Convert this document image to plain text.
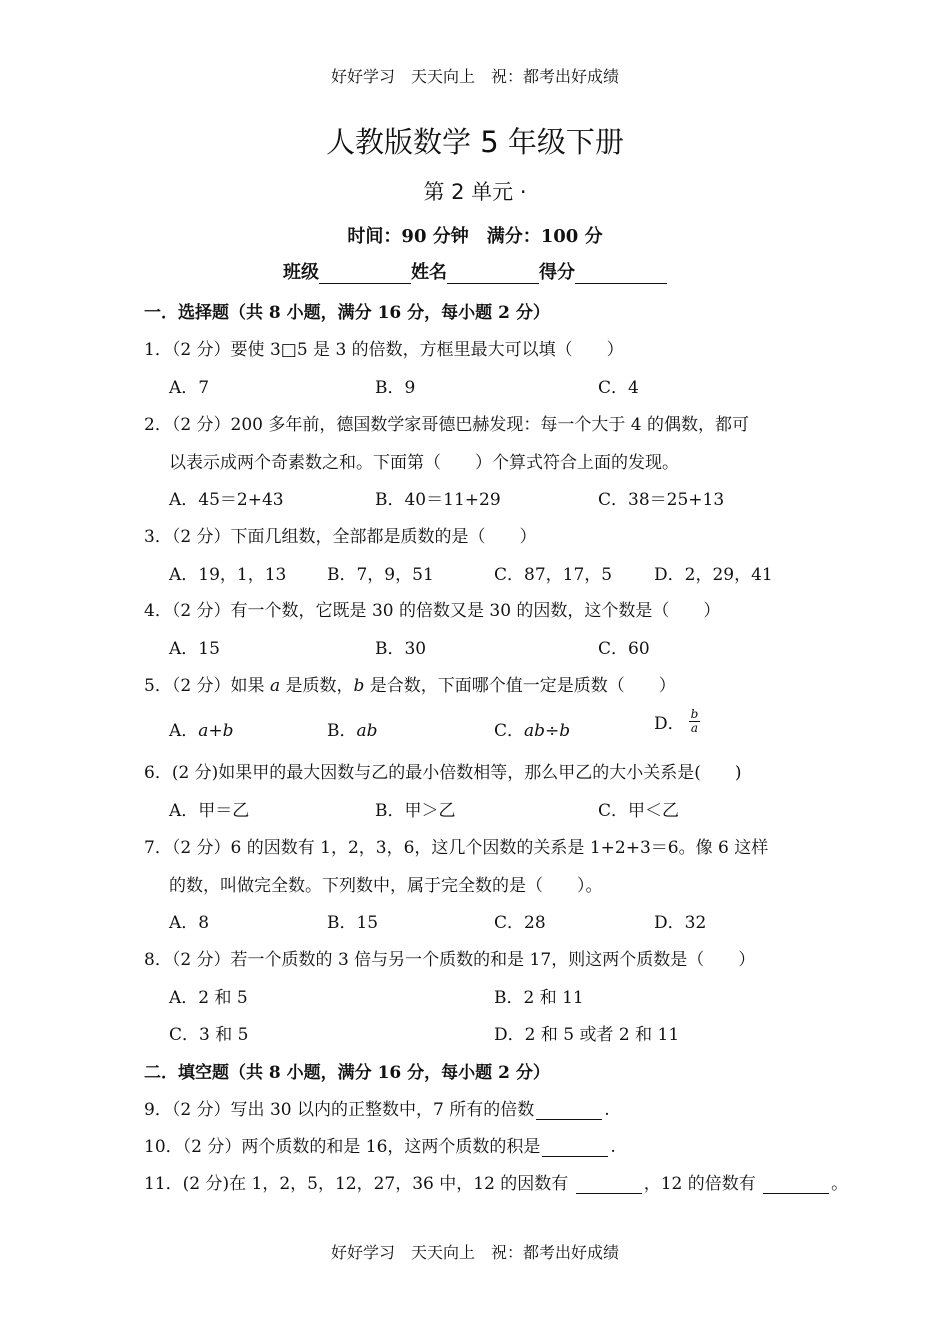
好好学习　天天向上　祝：都考出好成绩
人教版数学 5 年级下册
第 2 单元 ·
时间：90 分钟　满分：100 分
班级	姓名	得分
一．选择题（共 8 小题，满分 16 分，每小题 2 分）
1．（2 分）要使 3□5 是 3 的倍数，方框里最大可以填（　　）
A．7	B．9	C．4
2．（2 分）200 多年前，德国数学家哥德巴赫发现：每一个大于 4 的偶数，都可
以表示成两个奇素数之和。下面第（　　）个算式符合上面的发现。
A．45＝2+43	B．40＝11+29	C．38＝25+13
3．（2 分）下面几组数，全部都是质数的是（　　）
A．19，1，13 B．7，9，51	C．87，17，5 D．2，29，41
4．（2 分）有一个数，它既是 30 的倍数又是 30 的因数，这个数是（　　）
A．15	B．30	C．60
5．（2 分）如果 a 是质数，b 是合数，下面哪个值一定是质数（　　）
A．a+b	B．ab	C．ab÷b	D． $\frac{b}{a}$
6．(2 分)如果甲的最大因数与乙的最小倍数相等，那么甲乙的大小关系是(　　)
A．甲＝乙	B．甲＞乙	C．甲＜乙
7．（2 分）6 的因数有 1，2，3，6，这几个因数的关系是 1+2+3＝6。像 6 这样
的数，叫做完全数。下列数中，属于完全数的是（　　）。
A．8	B．15	C．28	D．32
8．（2 分）若一个质数的 3 倍与另一个质数的和是 17，则这两个质数是（　　）
A．2 和 5	B．2 和 11
C．3 和 5	D．2 和 5 或者 2 和 11
二．填空题（共 8 小题，满分 16 分，每小题 2 分）
9．（2 分）写出 30 以内的正整数中，7 所有的倍数	.
10．（2 分）两个质数的和是 16，这两个质数的积是	.
11．(2 分)在 1，2，5，12，27，36 中，12 的因数有	，12 的倍数有	。
好好学习　天天向上　祝：都考出好成绩
